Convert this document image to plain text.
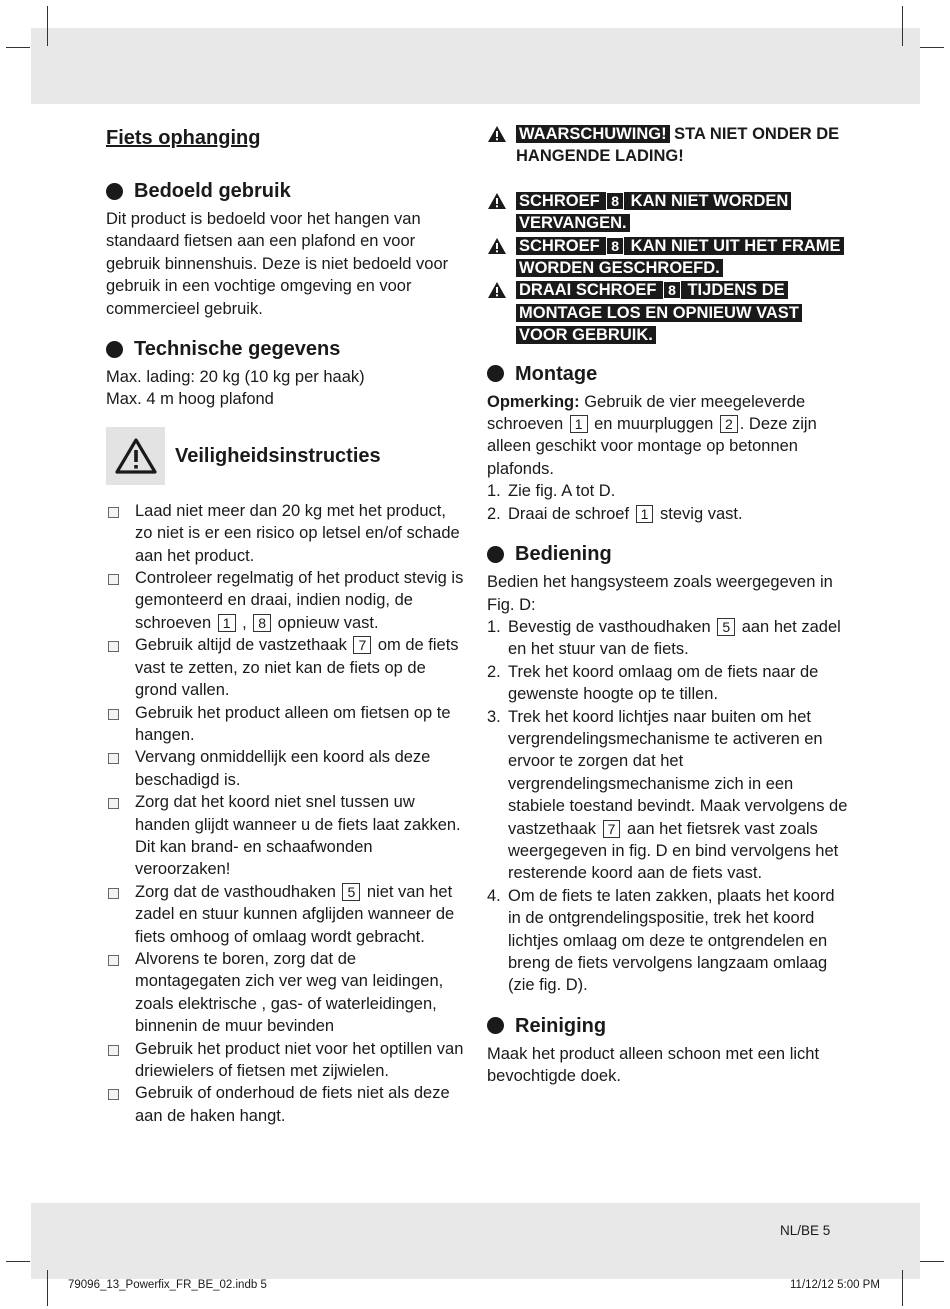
Fiets ophanging
Bedoeld gebruik

Dit product is bedoeld voor het hangen van standaard fietsen aan een plafond en voor gebruik binnenshuis. Deze is niet bedoeld voor gebruik in een vochtige omgeving en voor commercieel gebruik.

Technische gegevens

Max. lading: 20 kg (10 kg per haak)

Max. 4 m hoog plafond

Veiligheidsinstructies
Laad niet meer dan 20 kg met het product, zo niet is er een risico op letsel en/of schade aan het product.
Controleer regelmatig of het product stevig is gemonteerd en draai, indien nodig, de schroeven 1 , 8 opnieuw vast.
Gebruik altijd de vastzethaak 7 om de fiets vast te zetten, zo niet kan de fiets op de grond vallen.
Gebruik het product alleen om fietsen op te hangen.
Vervang onmiddellijk een koord als deze beschadigd is.
Zorg dat het koord niet snel tussen uw handen glijdt wanneer u de fiets laat zakken. Dit kan brand- en schaafwonden veroorzaken!
Zorg dat de vasthoudhaken 5 niet van het zadel en stuur kunnen afglijden wanneer de fiets omhoog of omlaag wordt gebracht.
Alvorens te boren, zorg dat de montagegaten zich ver weg van leidingen, zoals elektrische , gas- of waterleidingen, binnenin de muur bevinden
Gebruik het product niet voor het optillen van driewielers of fietsen met zijwielen.
Gebruik of onderhoud de fiets niet als deze aan de haken hangt.
WAARSCHUWING! STA NIET ONDER DE HANGENDE LADING!
SCHROEF 8 KAN NIET WORDEN VERVANGEN.
SCHROEF 8 KAN NIET UIT HET FRAME WORDEN GESCHROEFD.
DRAAI SCHROEF 8 TIJDENS DE MONTAGE LOS EN OPNIEUW VAST VOOR GEBRUIK.
Montage

Opmerking: Gebruik de vier meegeleverde schroeven 1 en muurpluggen 2 . Deze zijn alleen geschikt voor montage op betonnen plafonds.

1. Zie fig. A tot D.
2. Draai de schroef 1 stevig vast.
Bediening

Bedien het hangsysteem zoals weergegeven in Fig. D:

1. Bevestig de vasthoudhaken 5 aan het zadel en het stuur van de fiets.
2. Trek het koord omlaag om de fiets naar de gewenste hoogte op te tillen.
3. Trek het koord lichtjes naar buiten om het vergrendelingsmechanisme te activeren en ervoor te zorgen dat het vergrendelingsmechanisme zich in een stabiele toestand bevindt. Maak vervolgens de vastzethaak 7 aan het fietsrek vast zoals weergegeven in fig. D en bind vervolgens het resterende koord aan de fiets vast.
4. Om de fiets te laten zakken, plaats het koord in de ontgrendelingspositie, trek het koord lichtjes omlaag om deze te ontgrendelen en breng de fiets vervolgens langzaam omlaag (zie fig. D).
Reiniging

Maak het product alleen schoon met een licht bevochtigde doek.

NL/BE 5
79096_13_Powerfix_FR_BE_02.indb 5	11/12/12 5:00 PM
